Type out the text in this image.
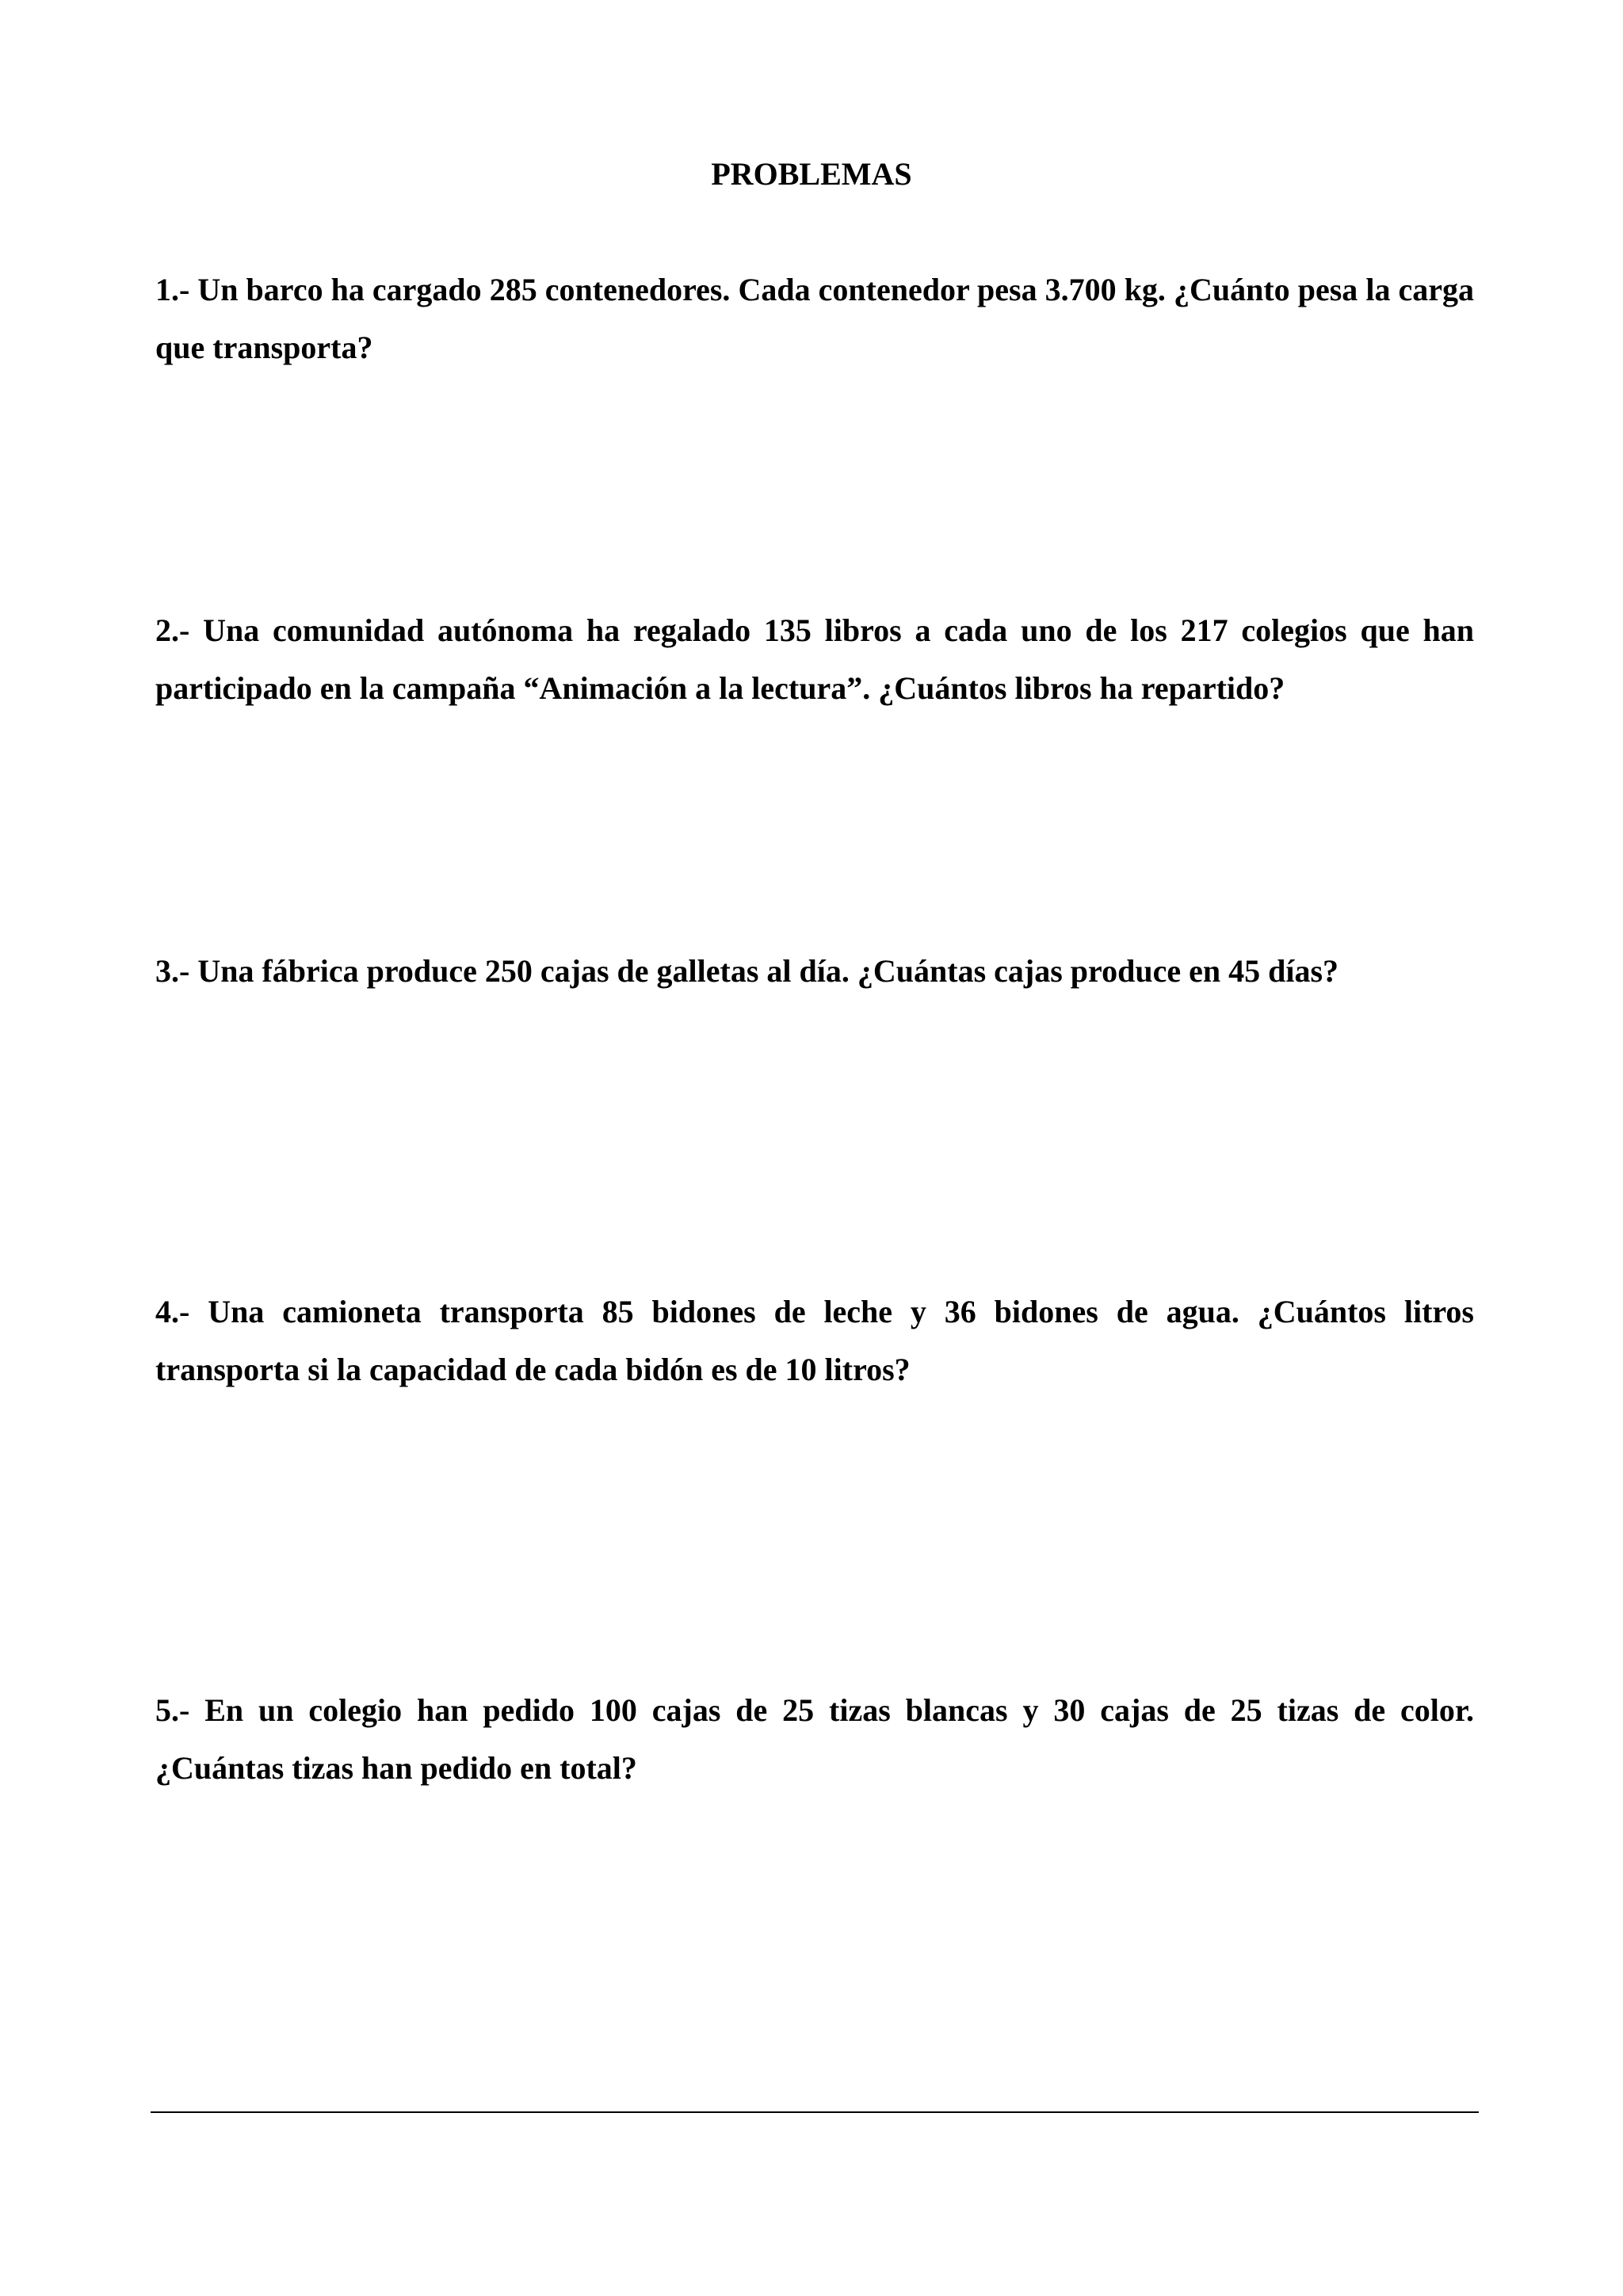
PROBLEMAS
1.- Un barco ha cargado 285 contenedores. Cada contenedor pesa 3.700 kg. ¿Cuánto pesa la carga que transporta?
2.- Una comunidad autónoma ha regalado 135 libros a cada uno de los 217 colegios que han participado en la campaña “Animación a la lectura”. ¿Cuántos libros ha repartido?
3.- Una fábrica produce 250 cajas de galletas al día. ¿Cuántas cajas produce en 45 días?
4.- Una camioneta transporta 85 bidones de leche y 36 bidones de agua. ¿Cuántos litros transporta si la capacidad de cada bidón es de 10 litros?
5.- En un colegio han pedido 100 cajas de 25 tizas blancas y 30 cajas de 25 tizas de color. ¿Cuántas tizas han pedido en total?
